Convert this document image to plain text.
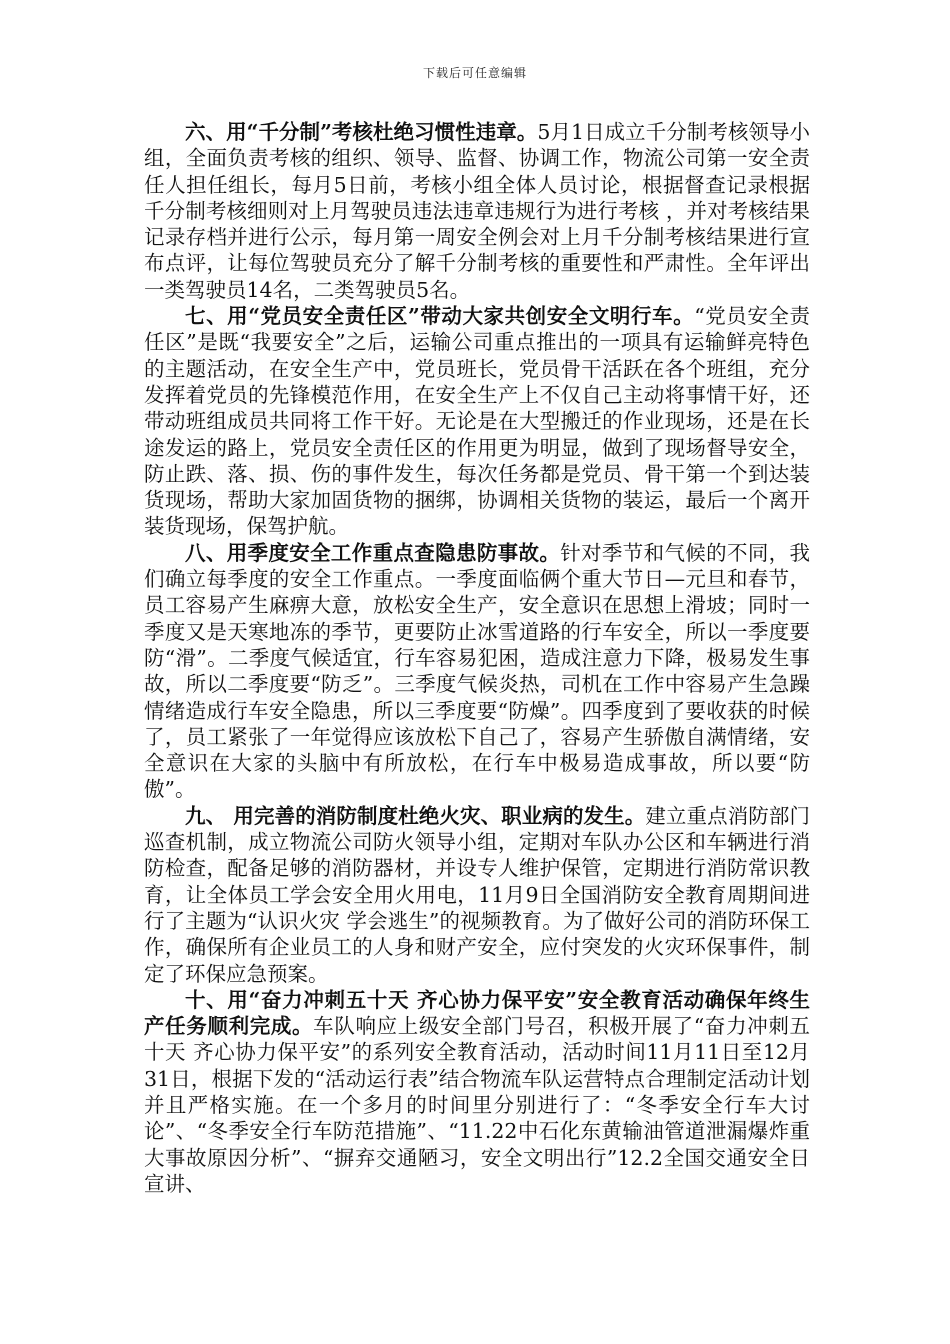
下载后可任意编辑

六、用“千分制”考核杜绝习惯性违章。5月1日成立千分制考核领导小组，全面负责考核的组织、领导、监督、协调工作，物流公司第一安全责任人担任组长，每月5日前，考核小组全体人员讨论，根据督查记录根据千分制考核细则对上月驾驶员违法违章违规行为进行考核 ，并对考核结果记录存档并进行公示，每月第一周安全例会对上月千分制考核结果进行宣布点评，让每位驾驶员充分了解千分制考核的重要性和严肃性。全年评出一类驾驶员14名，二类驾驶员5名。

七、用“党员安全责任区”带动大家共创安全文明行车。“党员安全责任区”是既“我要安全”之后，运输公司重点推出的一项具有运输鲜亮特色的主题活动，在安全生产中，党员班长，党员骨干活跃在各个班组，充分发挥着党员的先锋模范作用，在安全生产上不仅自己主动将事情干好，还带动班组成员共同将工作干好。无论是在大型搬迁的作业现场，还是在长途发运的路上，党员安全责任区的作用更为明显，做到了现场督导安全，防止跌、落、损、伤的事件发生，每次任务都是党员、骨干第一个到达装货现场，帮助大家加固货物的捆绑，协调相关货物的装运，最后一个离开装货现场，保驾护航。

八、用季度安全工作重点查隐患防事故。针对季节和气候的不同，我们确立每季度的安全工作重点。一季度面临俩个重大节日—元旦和春节，员工容易产生麻痹大意，放松安全生产，安全意识在思想上滑坡；同时一季度又是天寒地冻的季节，更要防止冰雪道路的行车安全，所以一季度要防“滑”。二季度气候适宜，行车容易犯困，造成注意力下降，极易发生事故，所以二季度要“防乏”。三季度气候炎热，司机在工作中容易产生急躁情绪造成行车安全隐患，所以三季度要“防燥”。四季度到了要收获的时候了，员工紧张了一年觉得应该放松下自己了，容易产生骄傲自满情绪，安全意识在大家的头脑中有所放松，在行车中极易造成事故，所以要“防傲”。

九、 用完善的消防制度杜绝火灾、职业病的发生。建立重点消防部门巡查机制，成立物流公司防火领导小组，定期对车队办公区和车辆进行消防检查，配备足够的消防器材，并设专人维护保管，定期进行消防常识教育，让全体员工学会安全用火用电，11月9日全国消防安全教育周期间进行了主题为“认识火灾 学会逃生”的视频教育。为了做好公司的消防环保工作，确保所有企业员工的人身和财产安全，应付突发的火灾环保事件，制定了环保应急预案。

十、用“奋力冲刺五十天 齐心协力保平安”安全教育活动确保年终生产任务顺利完成。车队响应上级安全部门号召，积极开展了“奋力冲刺五十天 齐心协力保平安”的系列安全教育活动，活动时间11月11日至12月31日，根据下发的“活动运行表”结合物流车队运营特点合理制定活动计划并且严格实施。在一个多月的时间里分别进行了：“冬季安全行车大讨论”、“冬季安全行车防范措施”、“11.22中石化东黄输油管道泄漏爆炸重大事故原因分析”、“摒弃交通陋习，安全文明出行”12.2全国交通安全日宣讲、
